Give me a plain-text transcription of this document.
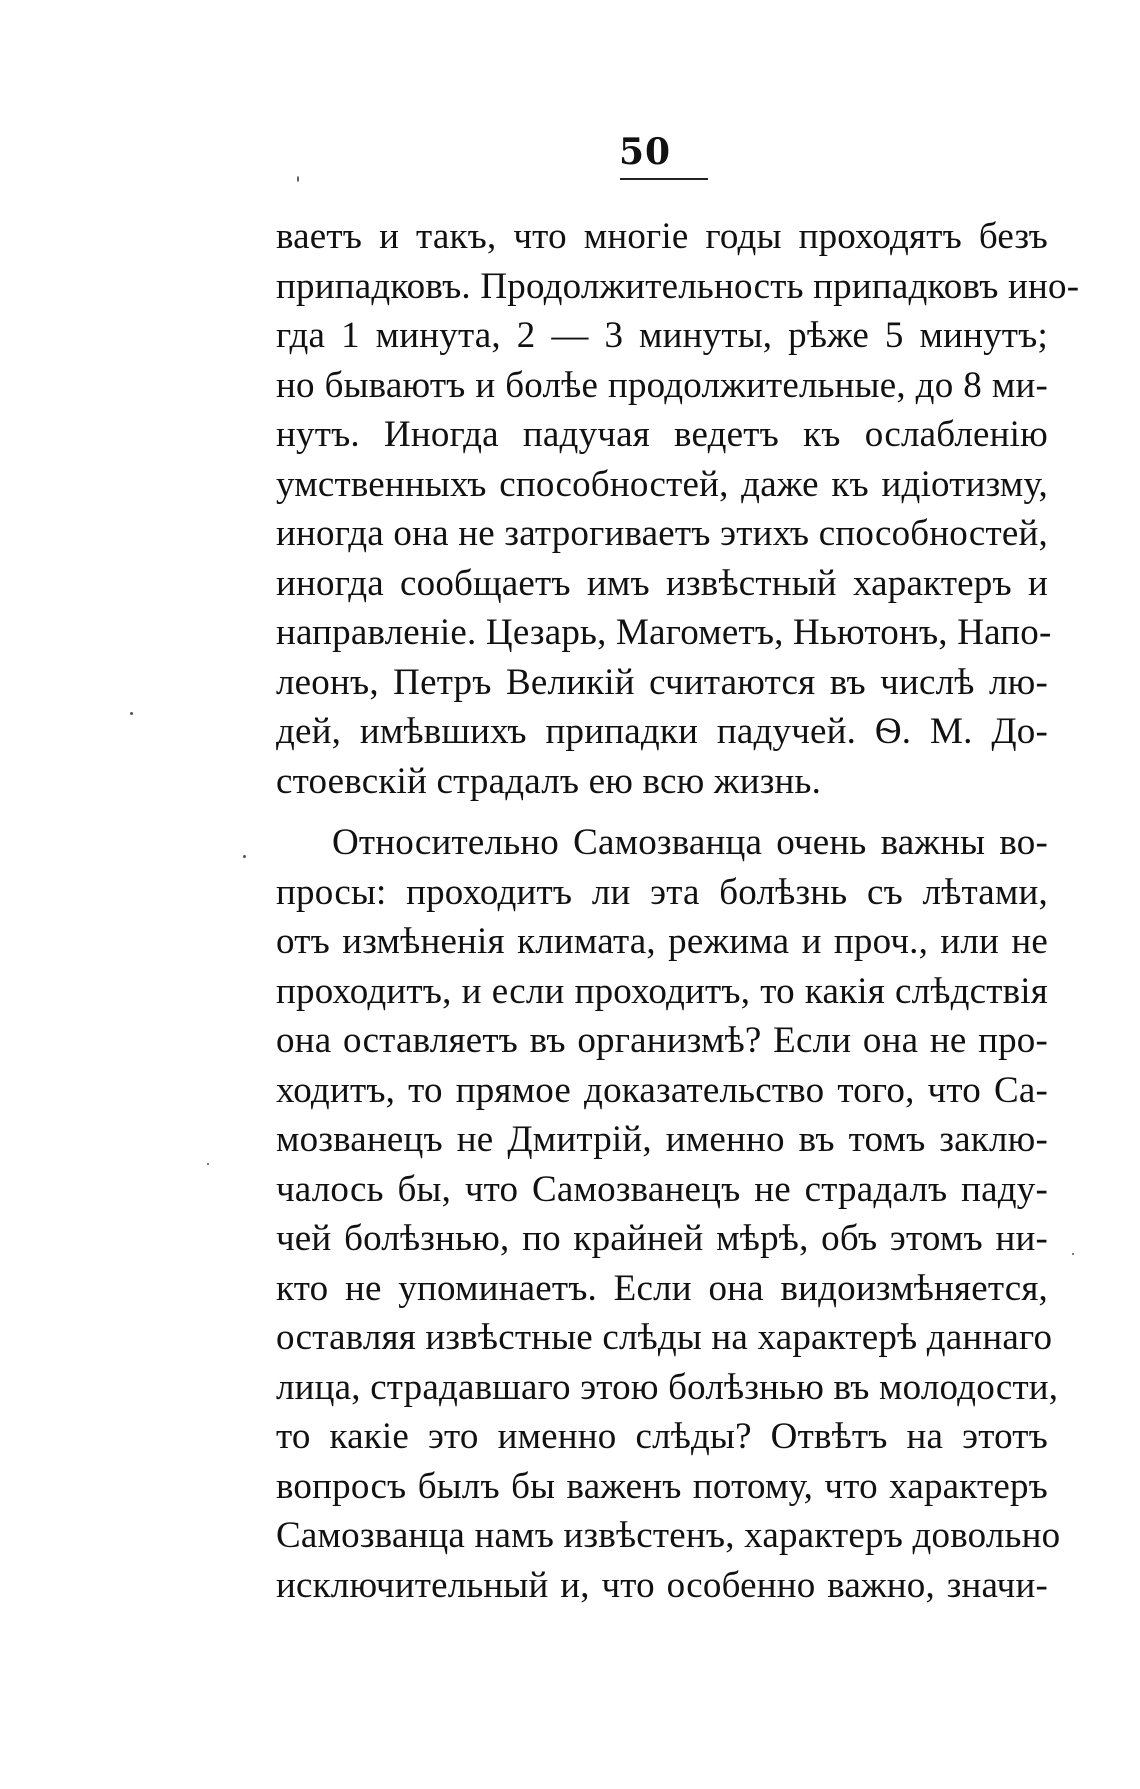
50
ваетъ и такъ, что многіе годы проходятъ безъ
припадковъ. Продолжительность припадковъ ино-
гда 1 минута, 2 — 3 минуты, рѣже 5 минутъ;
но бываютъ и болѣе продолжительные, до 8 ми-
нутъ. Иногда падучая ведетъ къ ослабленію
умственныхъ способностей, даже къ идіотизму,
иногда она не затрогиваетъ этихъ способностей,
иногда сообщаетъ имъ извѣстный характеръ и
направленіе. Цезарь, Магометъ, Ньютонъ, Напо-
леонъ, Петръ Великій считаются въ числѣ лю-
дей, имѣвшихъ припадки падучей. Ѳ. М. До-
стоевскій страдалъ ею всю жизнь.
Относительно Самозванца очень важны во-
просы: проходитъ ли эта болѣзнь съ лѣтами,
отъ измѣненія климата, режима и проч., или не
проходитъ, и если проходитъ, то какія слѣдствія
она оставляетъ въ организмѣ? Если она не про-
ходитъ, то прямое доказательство того, что Са-
мозванецъ не Дмитрій, именно въ томъ заклю-
чалось бы, что Самозванецъ не страдалъ паду-
чей болѣзнью, по крайней мѣрѣ, объ этомъ ни-
кто не упоминаетъ. Если она видоизмѣняется,
оставляя извѣстные слѣды на характерѣ даннаго
лица, страдавшаго этою болѣзнью въ молодости,
то какіе это именно слѣды? Отвѣтъ на этотъ
вопросъ былъ бы важенъ потому, что характеръ
Самозванца намъ извѣстенъ, характеръ довольно
исключительный и, что особенно важно, значи-
